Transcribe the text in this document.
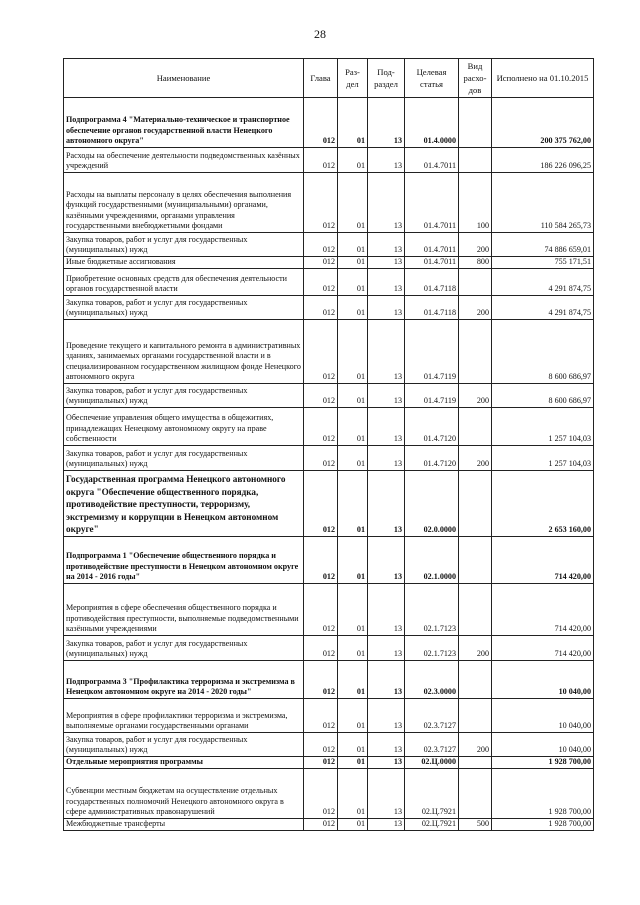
28
Наименование	Глава	Раз-дел	Под-раздел	Целевая статья	Вид расхо-дов	Исполнено на 01.10.2015
Подпрограмма 4 "Материально-техническое и транспортное обеспечение органов государственной власти Ненецкого автономного округа"	012	01	13	01.4.0000		200 375 762,00
Расходы на обеспечение деятельности подведомственных казённых учреждений	012	01	13	01.4.7011		186 226 096,25
Расходы на выплаты персоналу в целях обеспечения выполнения функций государственными (муниципальными) органами, казёнными учреждениями, органами управления государственными внебюджетными фондами	012	01	13	01.4.7011	100	110 584 265,73
Закупка товаров, работ и услуг для государственных (муниципальных) нужд	012	01	13	01.4.7011	200	74 886 659,01
Иные бюджетные ассигнования	012	01	13	01.4.7011	800	755 171,51
Приобретение основных средств для обеспечения деятельности органов государственной власти	012	01	13	01.4.7118		4 291 874,75
Закупка товаров, работ и услуг для государственных (муниципальных) нужд	012	01	13	01.4.7118	200	4 291 874,75
Проведение текущего и капитального ремонта в административных зданиях, занимаемых органами государственной власти и в специализированном государственном жилищном фонде Ненецкого автономного округа	012	01	13	01.4.7119		8 600 686,97
Закупка товаров, работ и услуг для государственных (муниципальных) нужд	012	01	13	01.4.7119	200	8 600 686,97
Обеспечение управления общего имущества в общежитиях, принадлежащих Ненецкому автономному округу на праве собственности	012	01	13	01.4.7120		1 257 104,03
Закупка товаров, работ и услуг для государственных (муниципальных) нужд	012	01	13	01.4.7120	200	1 257 104,03
Государственная программа Ненецкого автономного округа "Обеспечение общественного порядка, противодействие преступности, терроризму, экстремизму и коррупции в Ненецком автономном округе"	012	01	13	02.0.0000		2 653 160,00
Подпрограмма 1 "Обеспечение общественного порядка и противодействие преступности в Ненецком автономном округе на 2014 - 2016 годы"	012	01	13	02.1.0000		714 420,00
Мероприятия в сфере обеспечения общественного порядка и противодействия преступности, выполняемые подведомственными казёнными учреждениями	012	01	13	02.1.7123		714 420,00
Закупка товаров, работ и услуг для государственных (муниципальных) нужд	012	01	13	02.1.7123	200	714 420,00
Подпрограмма 3 "Профилактика терроризма и экстремизма в Ненецком автономном округе на 2014 - 2020 годы"	012	01	13	02.3.0000		10 040,00
Мероприятия в сфере профилактики терроризма и экстремизма, выполняемые органами государственными органами	012	01	13	02.3.7127		10 040,00
Закупка товаров, работ и услуг для государственных (муниципальных) нужд	012	01	13	02.3.7127	200	10 040,00
Отдельные мероприятия программы	012	01	13	02.Ц.0000		1 928 700,00
Субвенции местным бюджетам на осуществление отдельных государственных полномочий Ненецкого автономного округа в сфере административных правонарушений	012	01	13	02.Ц.7921		1 928 700,00
Межбюджетные трансферты	012	01	13	02.Ц.7921	500	1 928 700,00
